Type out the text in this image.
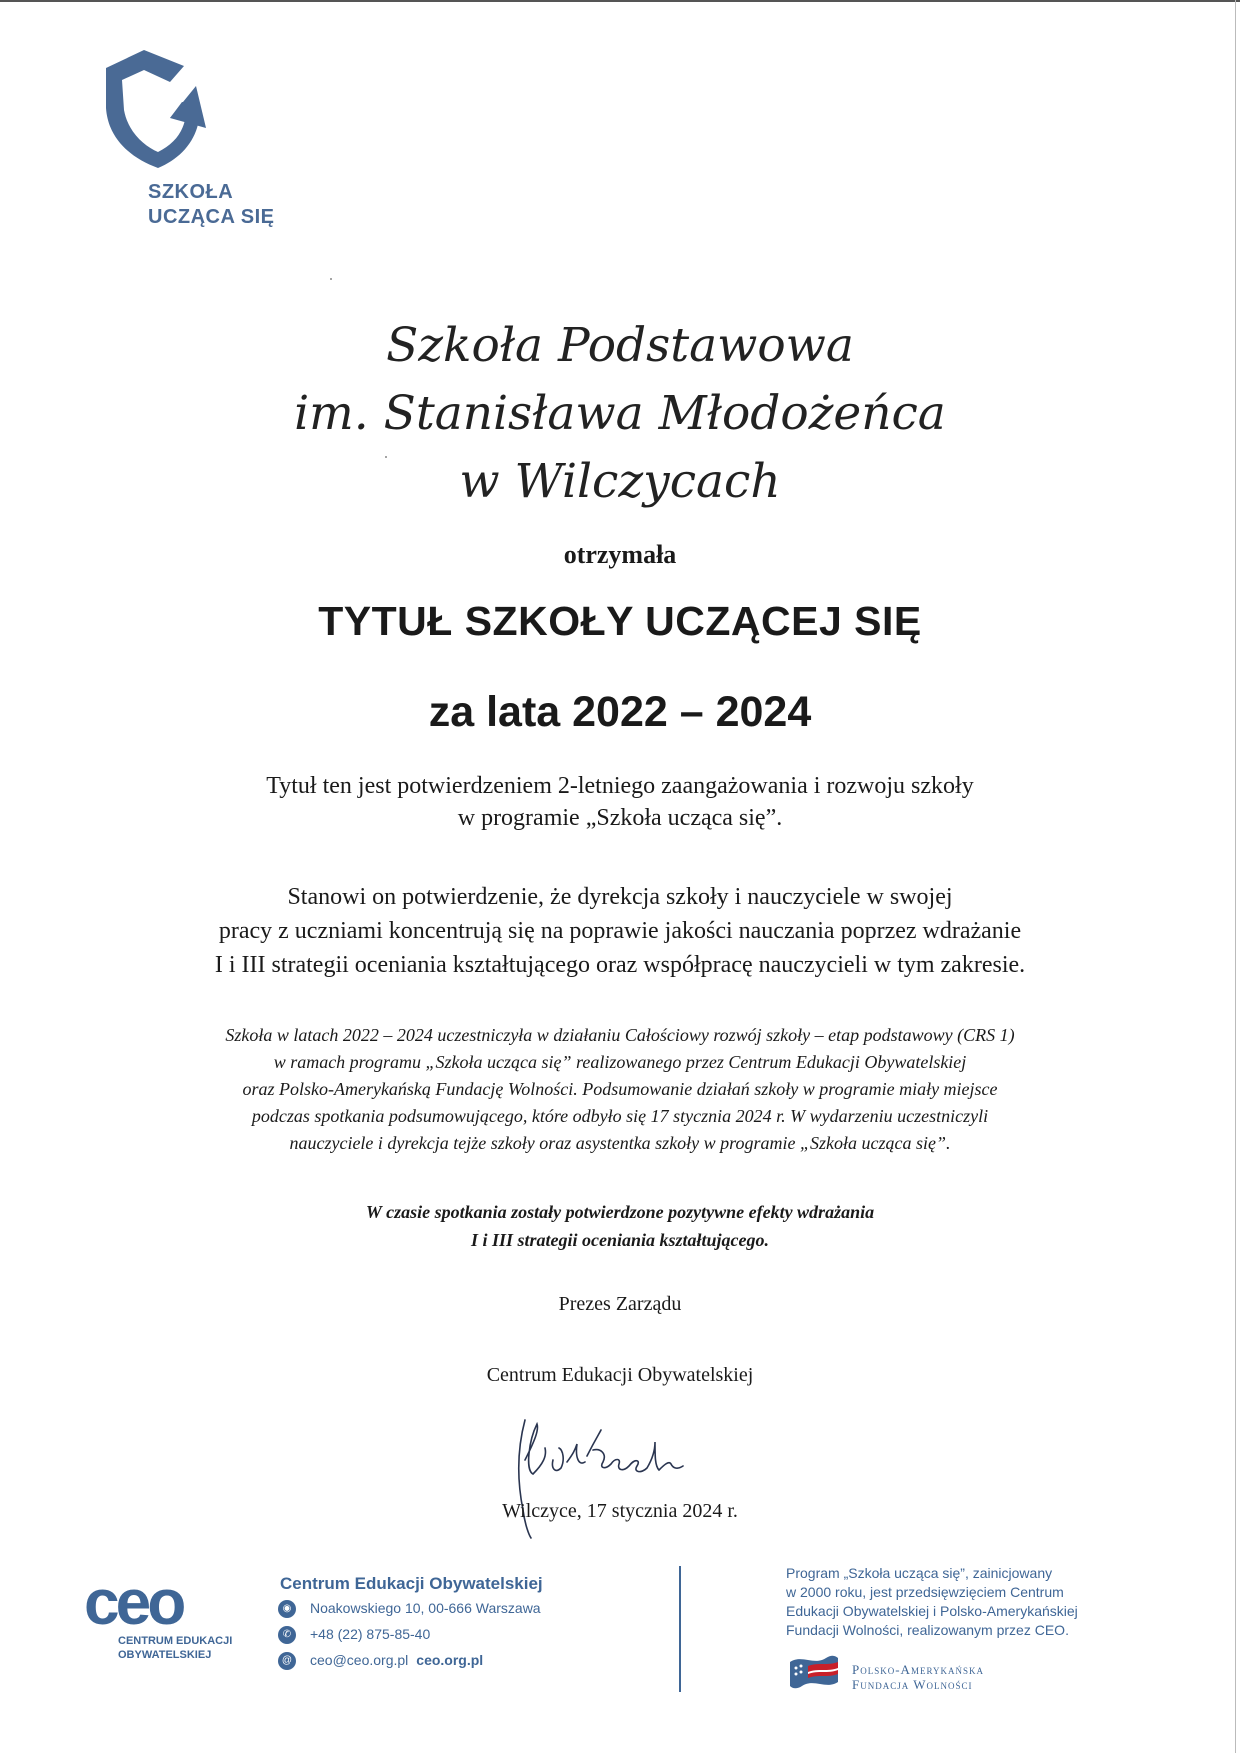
SZKOŁA
UCZĄCA SIĘ
Szkoła Podstawowa
im. Stanisława Młodożeńca
w Wilczycach
otrzymała
TYTUŁ SZKOŁY UCZĄCEJ SIĘ
za lata 2022 – 2024
Tytuł ten jest potwierdzeniem 2-letniego zaangażowania i rozwoju szkoły
w programie „Szkoła ucząca się”.
Stanowi on potwierdzenie, że dyrekcja szkoły i nauczyciele w swojej
pracy z uczniami koncentrują się na poprawie jakości nauczania poprzez wdrażanie
I i III strategii oceniania kształtującego oraz współpracę nauczycieli w tym zakresie.
Szkoła w latach 2022 – 2024 uczestniczyła w działaniu Całościowy rozwój szkoły – etap podstawowy (CRS 1)
w ramach programu „Szkoła ucząca się” realizowanego przez Centrum Edukacji Obywatelskiej
oraz Polsko-Amerykańską Fundację Wolności. Podsumowanie działań szkoły w programie miały miejsce
podczas spotkania podsumowującego, które odbyło się 17 stycznia 2024 r. W wydarzeniu uczestniczyli
nauczyciele i dyrekcja tejże szkoły oraz asystentka szkoły w programie „Szkoła ucząca się”.
W czasie spotkania zostały potwierdzone pozytywne efekty wdrażania
I i III strategii oceniania kształtującego.
Prezes Zarządu
Centrum Edukacji Obywatelskiej
Wilczyce, 17 stycznia 2024 r.
ceo
CENTRUM EDUKACJI
OBYWATELSKIEJ
Centrum Edukacji Obywatelskiej
◉ Noakowskiego 10, 00-666 Warszawa
✆ +48 (22) 875-85-40
@ ceo@ceo.org.pl ceo.org.pl
Program „Szkoła ucząca się”, zainicjowany
w 2000 roku, jest przedsięwzięciem Centrum
Edukacji Obywatelskiej i Polsko-Amerykańskiej
Fundacji Wolności, realizowanym przez CEO.
Polsko-Amerykańska
Fundacja Wolności
